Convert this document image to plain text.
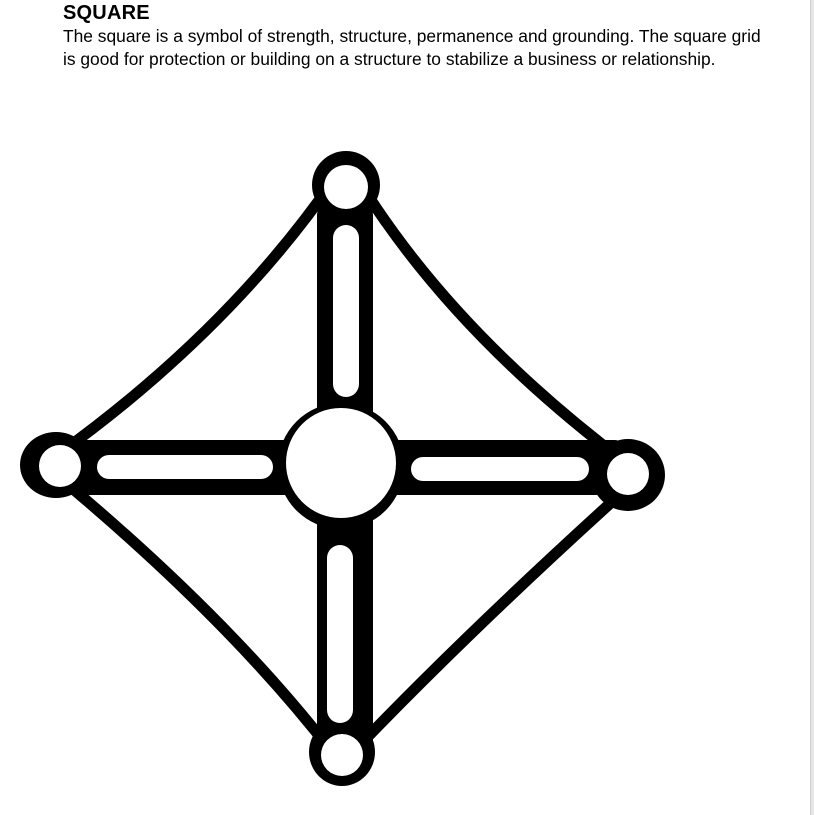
SQUARE

The square is a symbol of strength, structure, permanence and grounding. The square grid is good for protection or building on a structure to stabilize a business or relationship.
